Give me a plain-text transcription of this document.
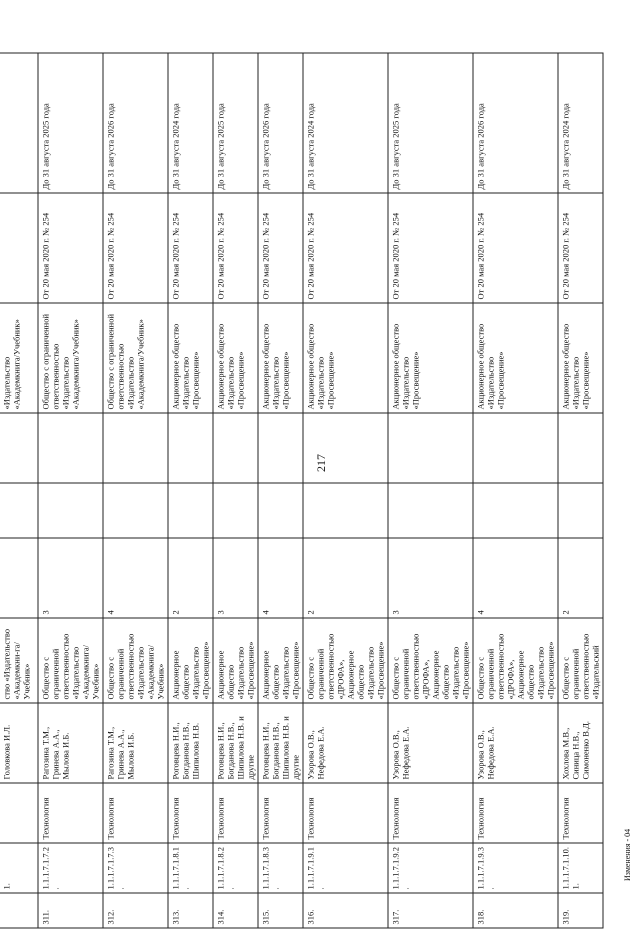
217
Изменения - 04
	1.		Головкова И.Л.	ство «Издательство «Академкни-га/Учебник»				«Издательство «Академкнига/Учебник»		
311.	1.1.1.7.1.7.2.	Технология	Рагозина Т.М., Гринева А.А., Мылова И.Б.	Общество с ограниченной ответственностью «Издательство «Академкнига/Учебник»	3			Общество с ограниченной ответственностью «Издательство «Академкнига/Учебник»	От 20 мая 2020 г. № 254	До 31 августа 2025 года
312.	1.1.1.7.1.7.3.	Технология	Рагозина Т.М., Гринева А.А., Мылова И.Б.	Общество с ограниченной ответственностью «Издательство «Академкнига/Учебник»	4			Общество с ограниченной ответственностью «Издательство «Академкнига/Учебник»	От 20 мая 2020 г. № 254	До 31 августа 2026 года
313.	1.1.1.7.1.8.1.	Технология	Роговцева Н.И., Богданова Н.В., Шипилова Н.В.	Акционерное общество «Издательство «Просвещение»	2			Акционерное общество «Издательство «Просвещение»	От 20 мая 2020 г. № 254	До 31 августа 2024 года
314.	1.1.1.7.1.8.2.	Технология	Роговцева Н.И., Богданова Н.В., Шипилова Н.В. и другие	Акционерное общество «Издательство «Просвещение»	3			Акционерное общество «Издательство «Просвещение»	От 20 мая 2020 г. № 254	До 31 августа 2025 года
315.	1.1.1.7.1.8.3.	Технология	Роговцева Н.И., Богданова Н.В., Шипилова Н.В. и другие	Акционерное общество «Издательство «Просвещение»	4			Акционерное общество «Издательство «Просвещение»	От 20 мая 2020 г. № 254	До 31 августа 2026 года
316.	1.1.1.7.1.9.1.	Технология	Узорова О.В., Нефедова Е.А.	Общество с ограниченной ответственностью «ДРОФА», Акционерное общество «Издательство «Просвещение»	2			Акционерное общество «Издательство «Просвещение»	От 20 мая 2020 г. № 254	До 31 августа 2024 года
317.	1.1.1.7.1.9.2.	Технология	Узорова О.В., Нефедова Е.А.	Общество с ограниченной ответственностью «ДРОФА», Акционерное общество «Издательство «Просвещение»	3			Акционерное общество «Издательство «Просвещение»	От 20 мая 2020 г. № 254	До 31 августа 2025 года
318.	1.1.1.7.1.9.3.	Технология	Узорова О.В., Нефедова Е.А.	Общество с ограниченной ответственностью «ДРОФА», Акционерное общество «Издательство «Просвещение»	4			Акционерное общество «Издательство «Просвещение»	От 20 мая 2020 г. № 254	До 31 августа 2026 года
319.	1.1.1.7.1.10.1.	Технология	Хохлова М.В., Синица Н.В., Симоненко В.Д.	Общество с ограниченной ответственностью «Издательский	2			Акционерное общество «Издательство «Просвещение»	От 20 мая 2020 г. № 254	До 31 августа 2024 года
